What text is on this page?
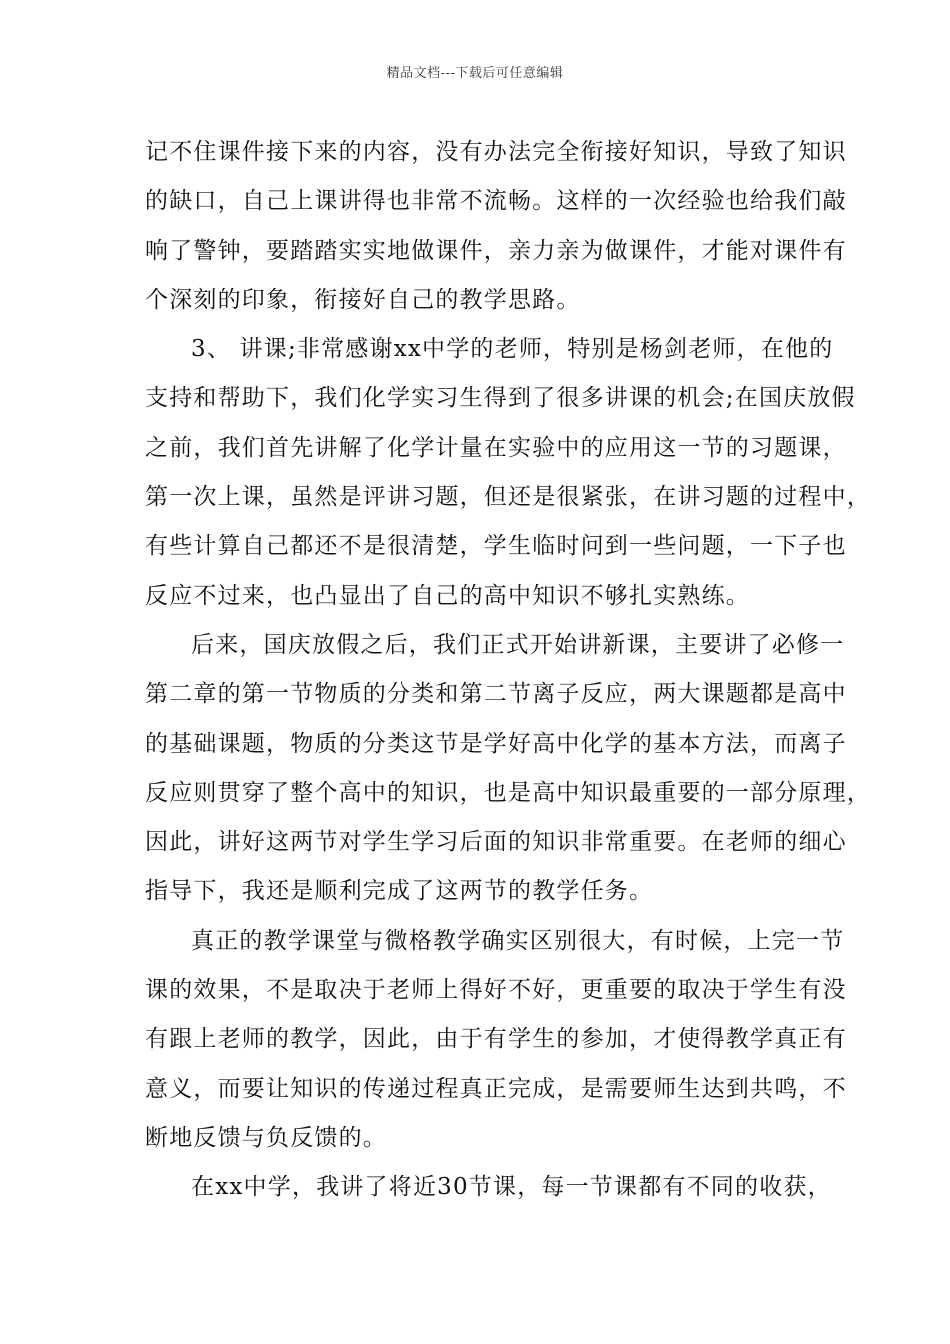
精品文档---下载后可任意编辑
记不住课件接下来的内容，没有办法完全衔接好知识，导致了知识
的缺口，自己上课讲得也非常不流畅。这样的一次经验也给我们敲
响了警钟，要踏踏实实地做课件，亲力亲为做课件，才能对课件有
个深刻的印象，衔接好自己的教学思路。
3、 讲课;非常感谢xx中学的老师，特别是杨剑老师，在他的
支持和帮助下，我们化学实习生得到了很多讲课的机会;在国庆放假
之前，我们首先讲解了化学计量在实验中的应用这一节的习题课，
第一次上课，虽然是评讲习题，但还是很紧张，在讲习题的过程中，
有些计算自己都还不是很清楚，学生临时问到一些问题，一下子也
反应不过来，也凸显出了自己的高中知识不够扎实熟练。
后来，国庆放假之后，我们正式开始讲新课，主要讲了必修一
第二章的第一节物质的分类和第二节离子反应，两大课题都是高中
的基础课题，物质的分类这节是学好高中化学的基本方法，而离子
反应则贯穿了整个高中的知识，也是高中知识最重要的一部分原理，
因此，讲好这两节对学生学习后面的知识非常重要。在老师的细心
指导下，我还是顺利完成了这两节的教学任务。
真正的教学课堂与微格教学确实区别很大，有时候，上完一节
课的效果，不是取决于老师上得好不好，更重要的取决于学生有没
有跟上老师的教学，因此，由于有学生的参加，才使得教学真正有
意义，而要让知识的传递过程真正完成，是需要师生达到共鸣，不
断地反馈与负反馈的。
在xx中学，我讲了将近30节课，每一节课都有不同的收获，
